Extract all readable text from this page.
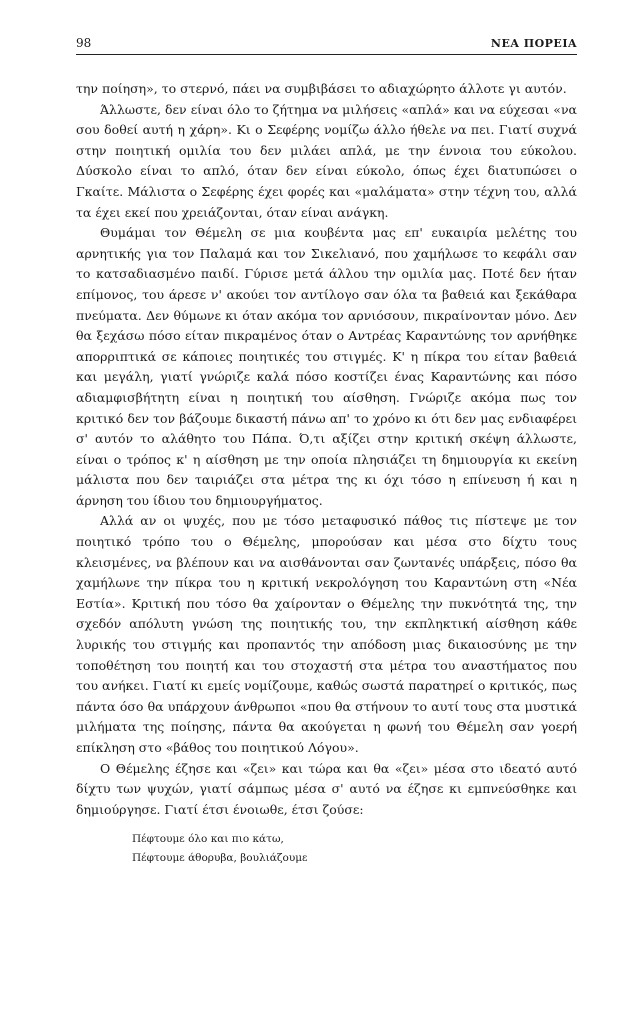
98	ΝΕΑ ΠΟΡΕΙΑ

την ποίηση», το στερνό, πάει να συμβιβάσει το αδιαχώρητο άλλοτε γι αυτόν.

Άλλωστε, δεν είναι όλο το ζήτημα να μιλήσεις «απλά» και να εύχεσαι «να σου δοθεί αυτή η χάρη». Κι ο Σεφέρης νομίζω άλλο ήθελε να πει. Γιατί συχνά στην ποιητική ομιλία του δεν μιλάει απλά, με την έννοια του εύκολου. Δύσκολο είναι το απλό, όταν δεν είναι εύκολο, όπως έχει διατυπώσει ο Γκαίτε. Μάλιστα ο Σεφέρης έχει φορές και «μαλάματα» στην τέχνη του, αλλά τα έχει εκεί που χρειάζονται, όταν είναι ανάγκη.

Θυμάμαι τον Θέμελη σε μια κουβέντα μας επ' ευκαιρία μελέτης του αρνητικής για τον Παλαμά και τον Σικελιανό, που χαμήλωσε το κεφάλι σαν το κατσαδιασμένο παιδί. Γύρισε μετά άλλου την ομιλία μας. Ποτέ δεν ήταν επίμονος, του άρεσε ν' ακούει τον αντίλογο σαν όλα τα βαθειά και ξεκάθαρα πνεύματα. Δεν θύμωνε κι όταν ακόμα τον αρνιόσουν, πικραίνονταν μόνο. Δεν θα ξεχάσω πόσο είταν πικραμένος όταν ο Αντρέας Καραντώνης τον αρνήθηκε απορριπτικά σε κάποιες ποιητικές του στιγμές. Κ' η πίκρα του είταν βαθειά και μεγάλη, γιατί γνώριζε καλά πόσο κοστίζει ένας Καραντώνης και πόσο αδιαμφισβήτητη είναι η ποιητική του αίσθηση. Γνώριζε ακόμα πως τον κριτικό δεν τον βάζουμε δικαστή πάνω απ' το χρόνο κι ότι δεν μας ενδιαφέρει σ' αυτόν το αλάθητο του Πάπα. Ό,τι αξίζει στην κριτική σκέψη άλλωστε, είναι ο τρόπος κ' η αίσθηση με την οποία πλησιάζει τη δημιουργία κι εκείνη μάλιστα που δεν ταιριάζει στα μέτρα της κι όχι τόσο η επίνευση ή και η άρνηση του ίδιου του δημιουργήματος.

Αλλά αν οι ψυχές, που με τόσο μεταφυσικό πάθος τις πίστεψε με τον ποιητικό τρόπο του ο Θέμελης, μπορούσαν και μέσα στο δίχτυ τους κλεισμένες, να βλέπουν και να αισθάνονται σαν ζωντανές υπάρξεις, πόσο θα χαμήλωνε την πίκρα του η κριτική νεκρολόγηση του Καραντώνη στη «Νέα Εστία». Κριτική που τόσο θα χαίρονταν ο Θέμελης την πυκνότητά της, την σχεδόν απόλυτη γνώση της ποιητικής του, την εκπληκτική αίσθηση κάθε λυρικής του στιγμής και προπαντός την απόδοση μιας δικαιοσύνης με την τοποθέτηση του ποιητή και του στοχαστή στα μέτρα του αναστήματος που του ανήκει. Γιατί κι εμείς νομίζουμε, καθώς σωστά παρατηρεί ο κριτικός, πως πάντα όσο θα υπάρχουν άνθρωποι «που θα στήνουν το αυτί τους στα μυστικά μιλήματα της ποίησης, πάντα θα ακούγεται η φωνή του Θέμελη σαν γοερή επίκληση στο «βάθος του ποιητικού Λόγου».

Ο Θέμελης έζησε και «ζει» και τώρα και θα «ζει» μέσα στο ιδεατό αυτό δίχτυ των ψυχών, γιατί σάμπως μέσα σ' αυτό να έζησε κι εμπνεύσθηκε και δημιούργησε. Γιατί έτσι ένοιωθε, έτσι ζούσε:

Πέφτουμε όλο και πιο κάτω,
Πέφτουμε άθορυβα, βουλιάζουμε
